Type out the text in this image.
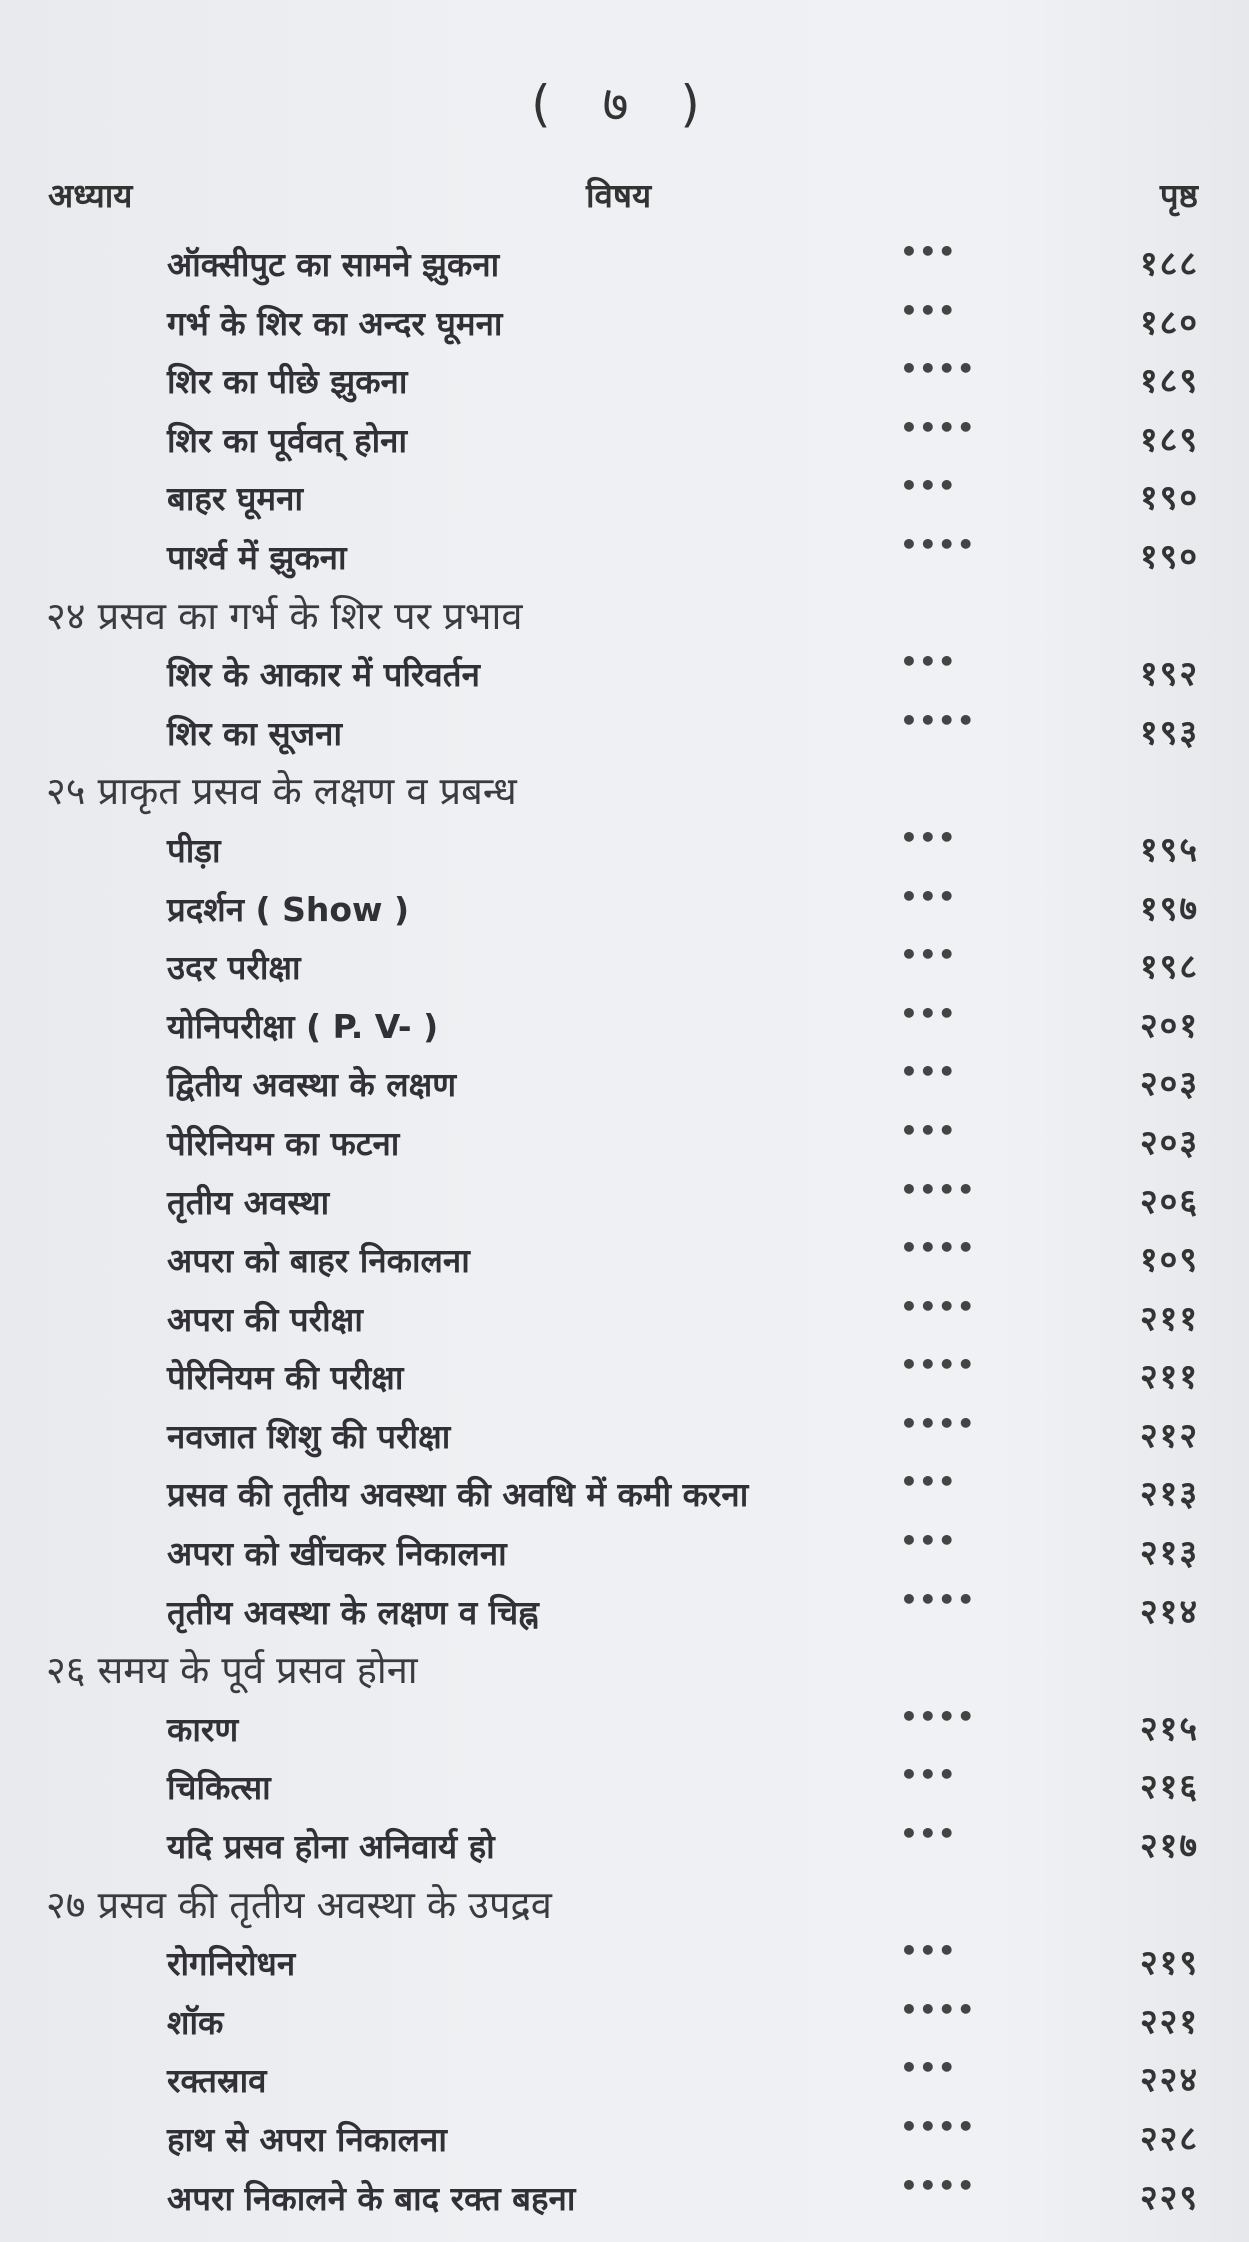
( ७ )
अध्याय	विषय	पृष्ठ
ऑक्सीपुट का सामने झुकना	•••	१८८
गर्भ के शिर का अन्दर घूमना	•••	१८०
शिर का पीछे झुकना	••••	१८९
शिर का पूर्ववत् होना	••••	१८९
बाहर घूमना	•••	१९०
पार्श्व में झुकना	••••	१९०
२४ प्रसव का गर्भ के शिर पर प्रभाव
शिर के आकार में परिवर्तन	•••	१९२
शिर का सूजना	••••	१९३
२५ प्राकृत प्रसव के लक्षण व प्रबन्ध
पीड़ा	•••	१९५
प्रदर्शन ( Show )	•••	१९७
उदर परीक्षा	•••	१९८
योनिपरीक्षा ( P. V- )	•••	२०१
द्वितीय अवस्था के लक्षण	•••	२०३
पेरिनियम का फटना	•••	२०३
तृतीय अवस्था	••••	२०६
अपरा को बाहर निकालना	••••	१०९
अपरा की परीक्षा	••••	२११
पेरिनियम की परीक्षा	••••	२११
नवजात शिशु की परीक्षा	••••	२१२
प्रसव की तृतीय अवस्था की अवधि में कमी करना	•••	२१३
अपरा को खींचकर निकालना	•••	२१३
तृतीय अवस्था के लक्षण व चिह्न	••••	२१४
२६ समय के पूर्व प्रसव होना
कारण	••••	२१५
चिकित्सा	•••	२१६
यदि प्रसव होना अनिवार्य हो	•••	२१७
२७ प्रसव की तृतीय अवस्था के उपद्रव
रोगनिरोधन	•••	२१९
शॉक	••••	२२१
रक्तस्राव	•••	२२४
हाथ से अपरा निकालना	••••	२२८
अपरा निकालने के बाद रक्त बहना	••••	२२९
